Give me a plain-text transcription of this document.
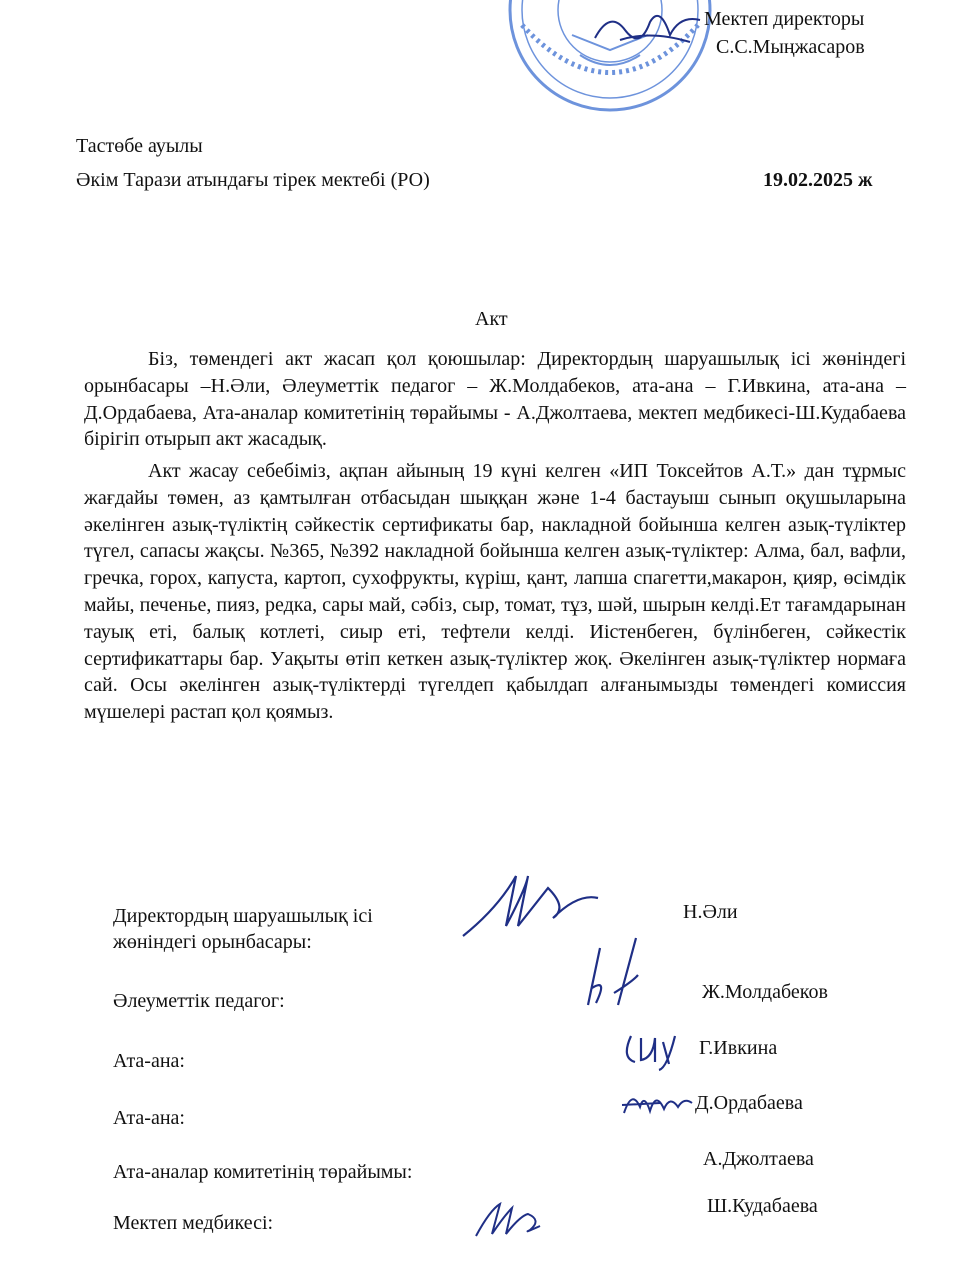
Мектеп директоры
С.С.Мыңжасаров
Тастөбе ауылы
Әкім Тарази атындағы тірек мектебі (РО)	19.02.2025 ж
Акт
Біз, төмендегі акт жасап қол қоюшылар: Директордың шаруашылық ісі жөніндегі орынбасары –Н.Әли, Әлеуметтік педагог – Ж.Молдабеков, ата-ана – Г.Ивкина, ата-ана – Д.Ордабаева, Ата-аналар комитетінің төрайымы - А.Джолтаева, мектеп медбикесі-Ш.Кудабаева бірігіп отырып акт жасадық.
Акт жасау себебіміз, ақпан айының 19 күні келген «ИП Токсейтов А.Т.» дан тұрмыс жағдайы төмен, аз қамтылған отбасыдан шыққан және 1-4 бастауыш сынып оқушыларына әкелінген азық-түліктің сәйкестік сертификаты бар, накладной бойынша келген азық-түліктер түгел, сапасы жақсы. №365, №392 накладной бойынша келген азық-түліктер: Алма, бал, вафли, гречка, горох, капуста, картоп, сухофрукты, күріш, қант, лапша спагетти,макарон, қияр, өсімдік майы, печенье, пияз, редка, сары май, сәбіз, сыр, томат, тұз, шәй, шырын келді.Ет тағамдарынан тауық еті, балық котлеті, сиыр еті, тефтели келді. Иістенбеген, бүлінбеген, сәйкестік сертификаттары бар. Уақыты өтіп кеткен азық-түліктер жоқ. Әкелінген азық-түліктер нормаға сай. Осы әкелінген азық-түліктерді түгелдеп қабылдап алғанымызды төмендегі комиссия мүшелері растап қол қоямыз.
Директордың шаруашылық ісі
жөніндегі орынбасары:
Н.Әли
Әлеуметтік педагог:	Ж.Молдабеков
Ата-ана:
Г.Ивкина
Ата-ана:
Д.Ордабаева
Ата-аналар комитетінің төрайымы:
А.Джолтаева
Мектеп медбикесі:
Ш.Кудабаева
